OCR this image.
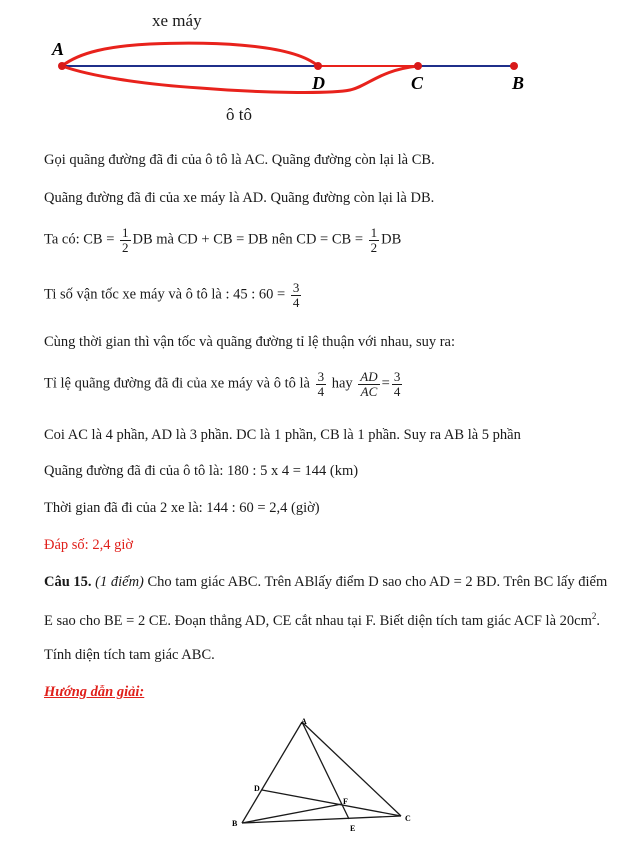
xe máy
A
D	C	B
ô tô
Gọi quãng đường đã đi của ô tô là AC. Quãng đường còn lại là CB.
Quãng đường đã đi của xe máy là AD. Quãng đường còn lại là DB.
Ta có: CB = $\frac{1}{2}$ DB mà CD + CB = DB nên CD = CB = $\frac{1}{2}$ DB
Ti số vận tốc xe máy và ô tô là : 45 : $60 = \frac{3}{4}$
Cùng thời gian thì vận tốc và quãng đường tỉ lệ thuận với nhau, suy ra:
Tỉ lệ quãng đường đã đi của xe máy và ô tô là $\frac{3}{4}$ hay $\frac{AD}{AC} = \frac{3}{4}$
Coi AC là 4 phần, AD là 3 phần. DC là 1 phần, CB là 1 phần. Suy ra AB là 5 phần
Quãng đường đã đi của ô tô là: 180 : 5 x 4 = 144 (km)
Thời gian đã đi của 2 xe là: 144 : 60 = 2,4 (giờ)
Đáp số: 2,4 giờ
Câu 15. (1 điểm) Cho tam giác ABC. Trên ABlấy điểm D sao cho AD = 2 BD. Trên BC lấy điểm
E sao cho BE = 2 CE. Đoạn thẳng AD, CE cắt nhau tại F. Biết diện tích tam giác ACF là $20cm^2$.
Tính diện tích tam giác ABC.
Hướng dẫn giải:
A
B
C
D
E
F
